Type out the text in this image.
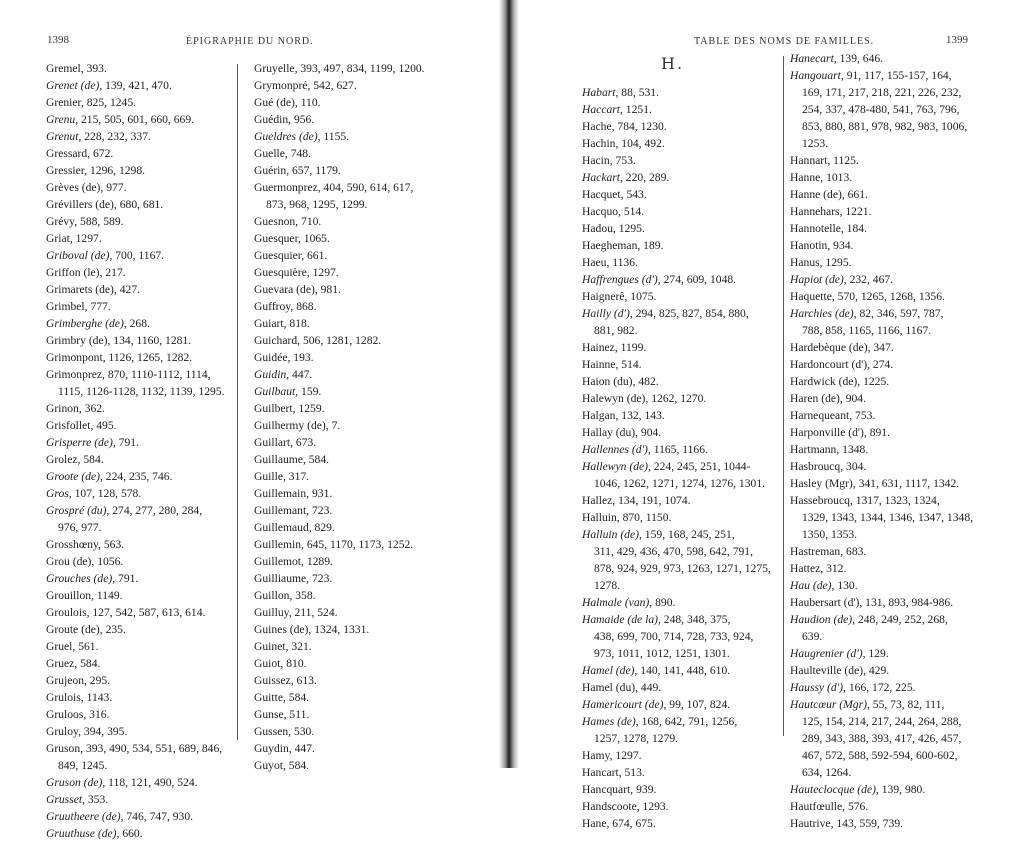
1398	ÉPIGRAPHIE DU NORD.
Gremel, 393.
Grenet (de), 139, 421, 470.
Grenier, 825, 1245.
Grenu, 215, 505, 601, 660, 669.
Grenut, 228, 232, 337.
Gressard, 672.
Gressier, 1296, 1298.
Grèves (de), 977.
Grévillers (de), 680, 681.
Grévy, 588, 589.
Griat, 1297.
Griboval (de), 700, 1167.
Griffon (le), 217.
Grimarets (de), 427.
Grimbel, 777.
Grimberghe (de), 268.
Grimbry (de), 134, 1160, 1281.
Grimonpont, 1126, 1265, 1282.
Grimonprez, 870, 1110-1112, 1114,
1115, 1126-1128, 1132, 1139, 1295.
Grinon, 362.
Grisfollet, 495.
Grisperre (de), 791.
Grolez, 584.
Groote (de), 224, 235, 746.
Gros, 107, 128, 578.
Grospré (du), 274, 277, 280, 284,
976, 977.
Grosshœny, 563.
Grou (de), 1056.
Grouches (de), 791.
Grouillon, 1149.
Groulois, 127, 542, 587, 613, 614.
Groute (de), 235.
Gruel, 561.
Gruez, 584.
Grujeon, 295.
Grulois, 1143.
Gruloos, 316.
Gruloy, 394, 395.
Gruson, 393, 490, 534, 551, 689, 846,
849, 1245.
Gruson (de), 118, 121, 490, 524.
Grusset, 353.
Gruutheere (de), 746, 747, 930.
Gruuthuse (de), 660.
Gruyelle, 393, 497, 834, 1199, 1200.
Grymonpré, 542, 627.
Gué (de), 110.
Guédin, 956.
Gueldres (de), 1155.
Guelle, 748.
Guérin, 657, 1179.
Guermonprez, 404, 590, 614, 617,
873, 968, 1295, 1299.
Guesnon, 710.
Guesquer, 1065.
Guesquier, 661.
Guesquière, 1297.
Guevara (de), 981.
Guffroy, 868.
Guiart, 818.
Guichard, 506, 1281, 1282.
Guidée, 193.
Guidin, 447.
Guilbaut, 159.
Guilbert, 1259.
Guilhermy (de), 7.
Guillart, 673.
Guillaume, 584.
Guille, 317.
Guillemain, 931.
Guillemant, 723.
Guillemaud, 829.
Guillemin, 645, 1170, 1173, 1252.
Guillemot, 1289.
Guilliaume, 723.
Guillon, 358.
Guilluy, 211, 524.
Guines (de), 1324, 1331.
Guinet, 321.
Guiot, 810.
Guissez, 613.
Guitte, 584.
Gunse, 511.
Gussen, 530.
Guydin, 447.
Guyot, 584.
TABLE DES NOMS DE FAMILLES.	1399
H.
Habart, 88, 531.
Haccart, 1251.
Hache, 784, 1230.
Hachin, 104, 492.
Hacin, 753.
Hackart, 220, 289.
Hacquet, 543.
Hacquo, 514.
Hadou, 1295.
Haegheman, 189.
Haeu, 1136.
Haffrengues (d'), 274, 609, 1048.
Haignerê, 1075.
Hailly (d'), 294, 825, 827, 854, 880,
881, 982.
Hainez, 1199.
Hainne, 514.
Haion (du), 482.
Halewyn (de), 1262, 1270.
Halgan, 132, 143.
Hallay (du), 904.
Hallennes (d'), 1165, 1166.
Hallewyn (de), 224, 245, 251, 1044-
1046, 1262, 1271, 1274, 1276, 1301.
Hallez, 134, 191, 1074.
Halluin, 870, 1150.
Halluin (de), 159, 168, 245, 251,
311, 429, 436, 470, 598, 642, 791,
878, 924, 929, 973, 1263, 1271, 1275,
1278.
Halmale (van), 890.
Hamaide (de la), 248, 348, 375,
438, 699, 700, 714, 728, 733, 924,
973, 1011, 1012, 1251, 1301.
Hamel (de), 140, 141, 448, 610.
Hamel (du), 449.
Hamericourt (de), 99, 107, 824.
Hames (de), 168, 642, 791, 1256,
1257, 1278, 1279.
Hamy, 1297.
Hancart, 513.
Hancquart, 939.
Handscoote, 1293.
Hane, 674, 675.
Hanecart, 139, 646.
Hangouart, 91, 117, 155-157, 164,
169, 171, 217, 218, 221, 226, 232,
254, 337, 478-480, 541, 763, 796,
853, 880, 881, 978, 982, 983, 1006,
1253.
Hannart, 1125.
Hanne, 1013.
Hanne (de), 661.
Hannehars, 1221.
Hannotelle, 184.
Hanotin, 934.
Hanus, 1295.
Hapiot (de), 232, 467.
Haquette, 570, 1265, 1268, 1356.
Harchies (de), 82, 346, 597, 787,
788, 858, 1165, 1166, 1167.
Hardebèque (de), 347.
Hardoncourt (d'), 274.
Hardwick (de), 1225.
Haren (de), 904.
Harnequeant, 753.
Harponville (d'), 891.
Hartmann, 1348.
Hasbroucq, 304.
Hasley (Mgr), 341, 631, 1117, 1342.
Hassebroucq, 1317, 1323, 1324,
1329, 1343, 1344, 1346, 1347, 1348,
1350, 1353.
Hastreman, 683.
Hattez, 312.
Hau (de), 130.
Haubersart (d'), 131, 893, 984-986.
Haudion (de), 248, 249, 252, 268,
639.
Haugrenier (d'), 129.
Haulteville (de), 429.
Haussy (d'), 166, 172, 225.
Hautcœur (Mgr), 55, 73, 82, 111,
125, 154, 214, 217, 244, 264, 288,
289, 343, 388, 393, 417, 426, 457,
467, 572, 588, 592-594, 600-602,
634, 1264.
Hauteclocque (de), 139, 980.
Hautfœulle, 576.
Hautrive, 143, 559, 739.
